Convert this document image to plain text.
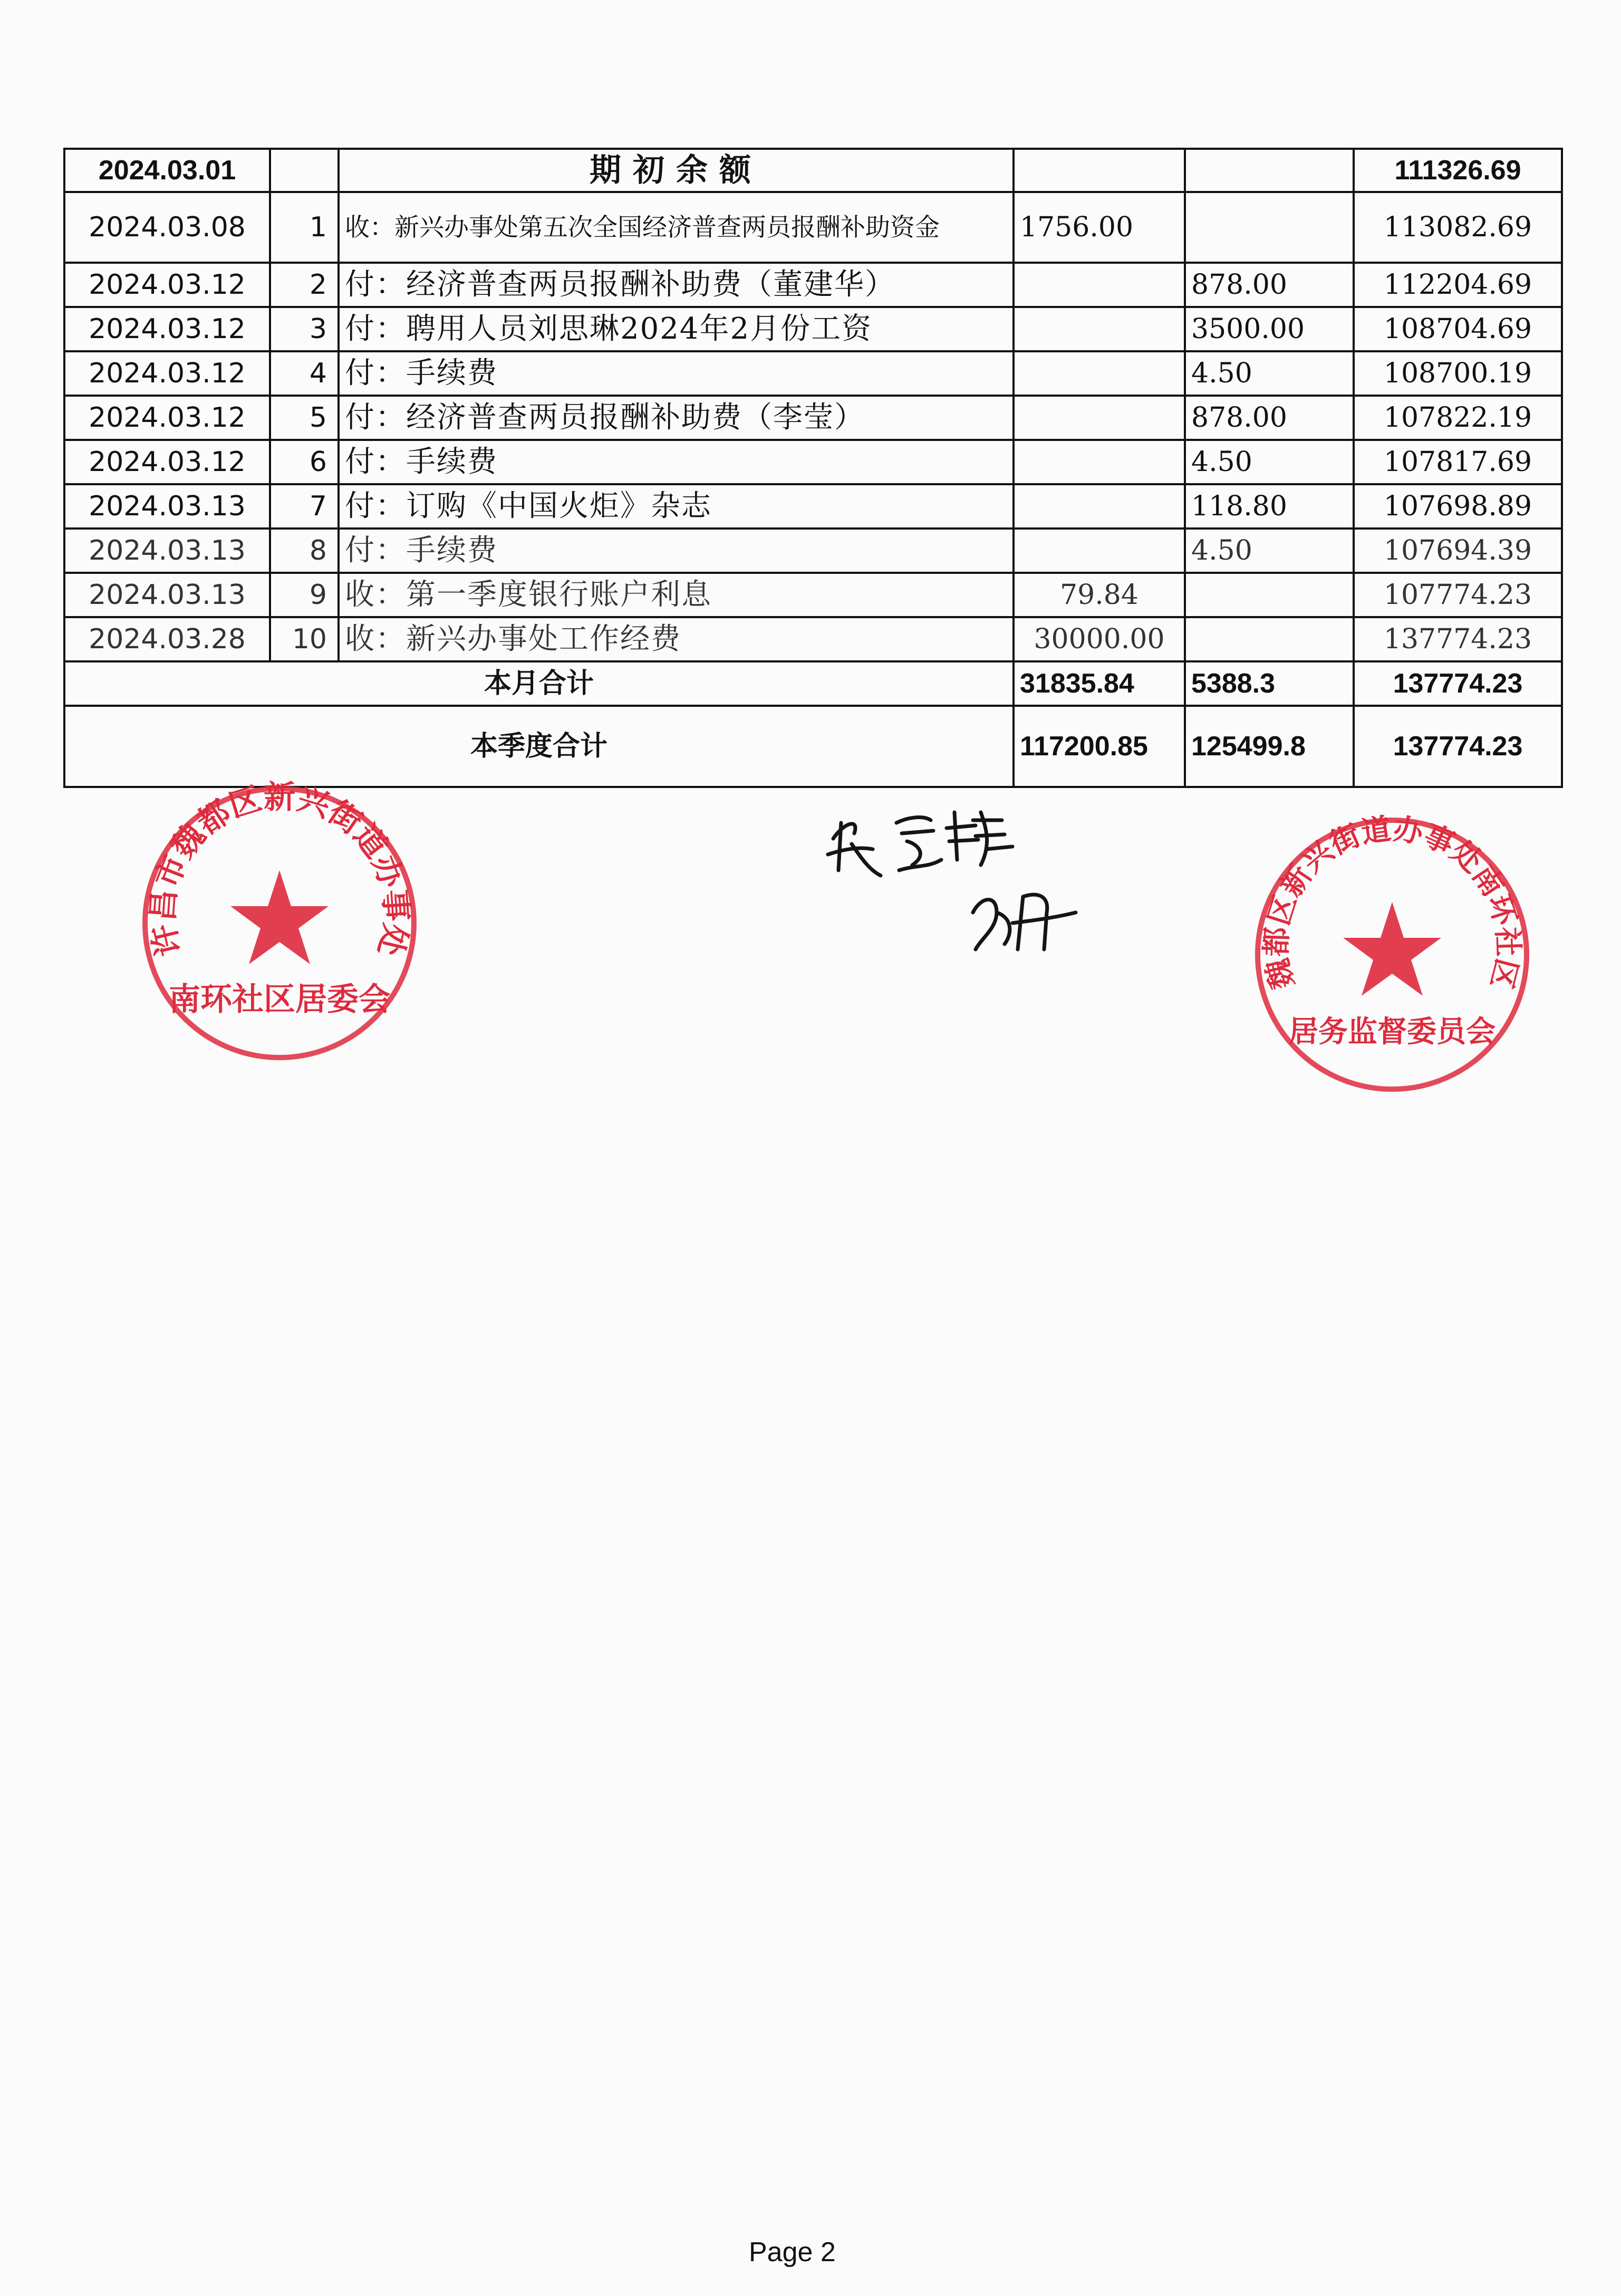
2024.03.01		期初余额			111326.69
2024.03.08	1	收：新兴办事处第五次全国经济普查两员报酬补助资金	1756.00		113082.69
2024.03.12	2	付：经济普查两员报酬补助费（董建华）		878.00	112204.69
2024.03.12	3	付：聘用人员刘思琳2024年2月份工资		3500.00	108704.69
2024.03.12	4	付：手续费		4.50	108700.19
2024.03.12	5	付：经济普查两员报酬补助费（李莹）		878.00	107822.19
2024.03.12	6	付：手续费		4.50	107817.69
2024.03.13	7	付：订购《中国火炬》杂志		118.80	107698.89
2024.03.13	8	付：手续费		4.50	107694.39
2024.03.13	9	收：第一季度银行账户利息	79.84		107774.23
2024.03.28	10	收：新兴办事处工作经费	30000.00		137774.23
本月合计			31835.84	5388.3	137774.23
本季度合计			117200.85	125499.8	137774.23
许昌市魏都区新兴街道办事处
南环社区居委会
魏都区新兴街道办事处南环社区
居务监督委员会
Page 2
